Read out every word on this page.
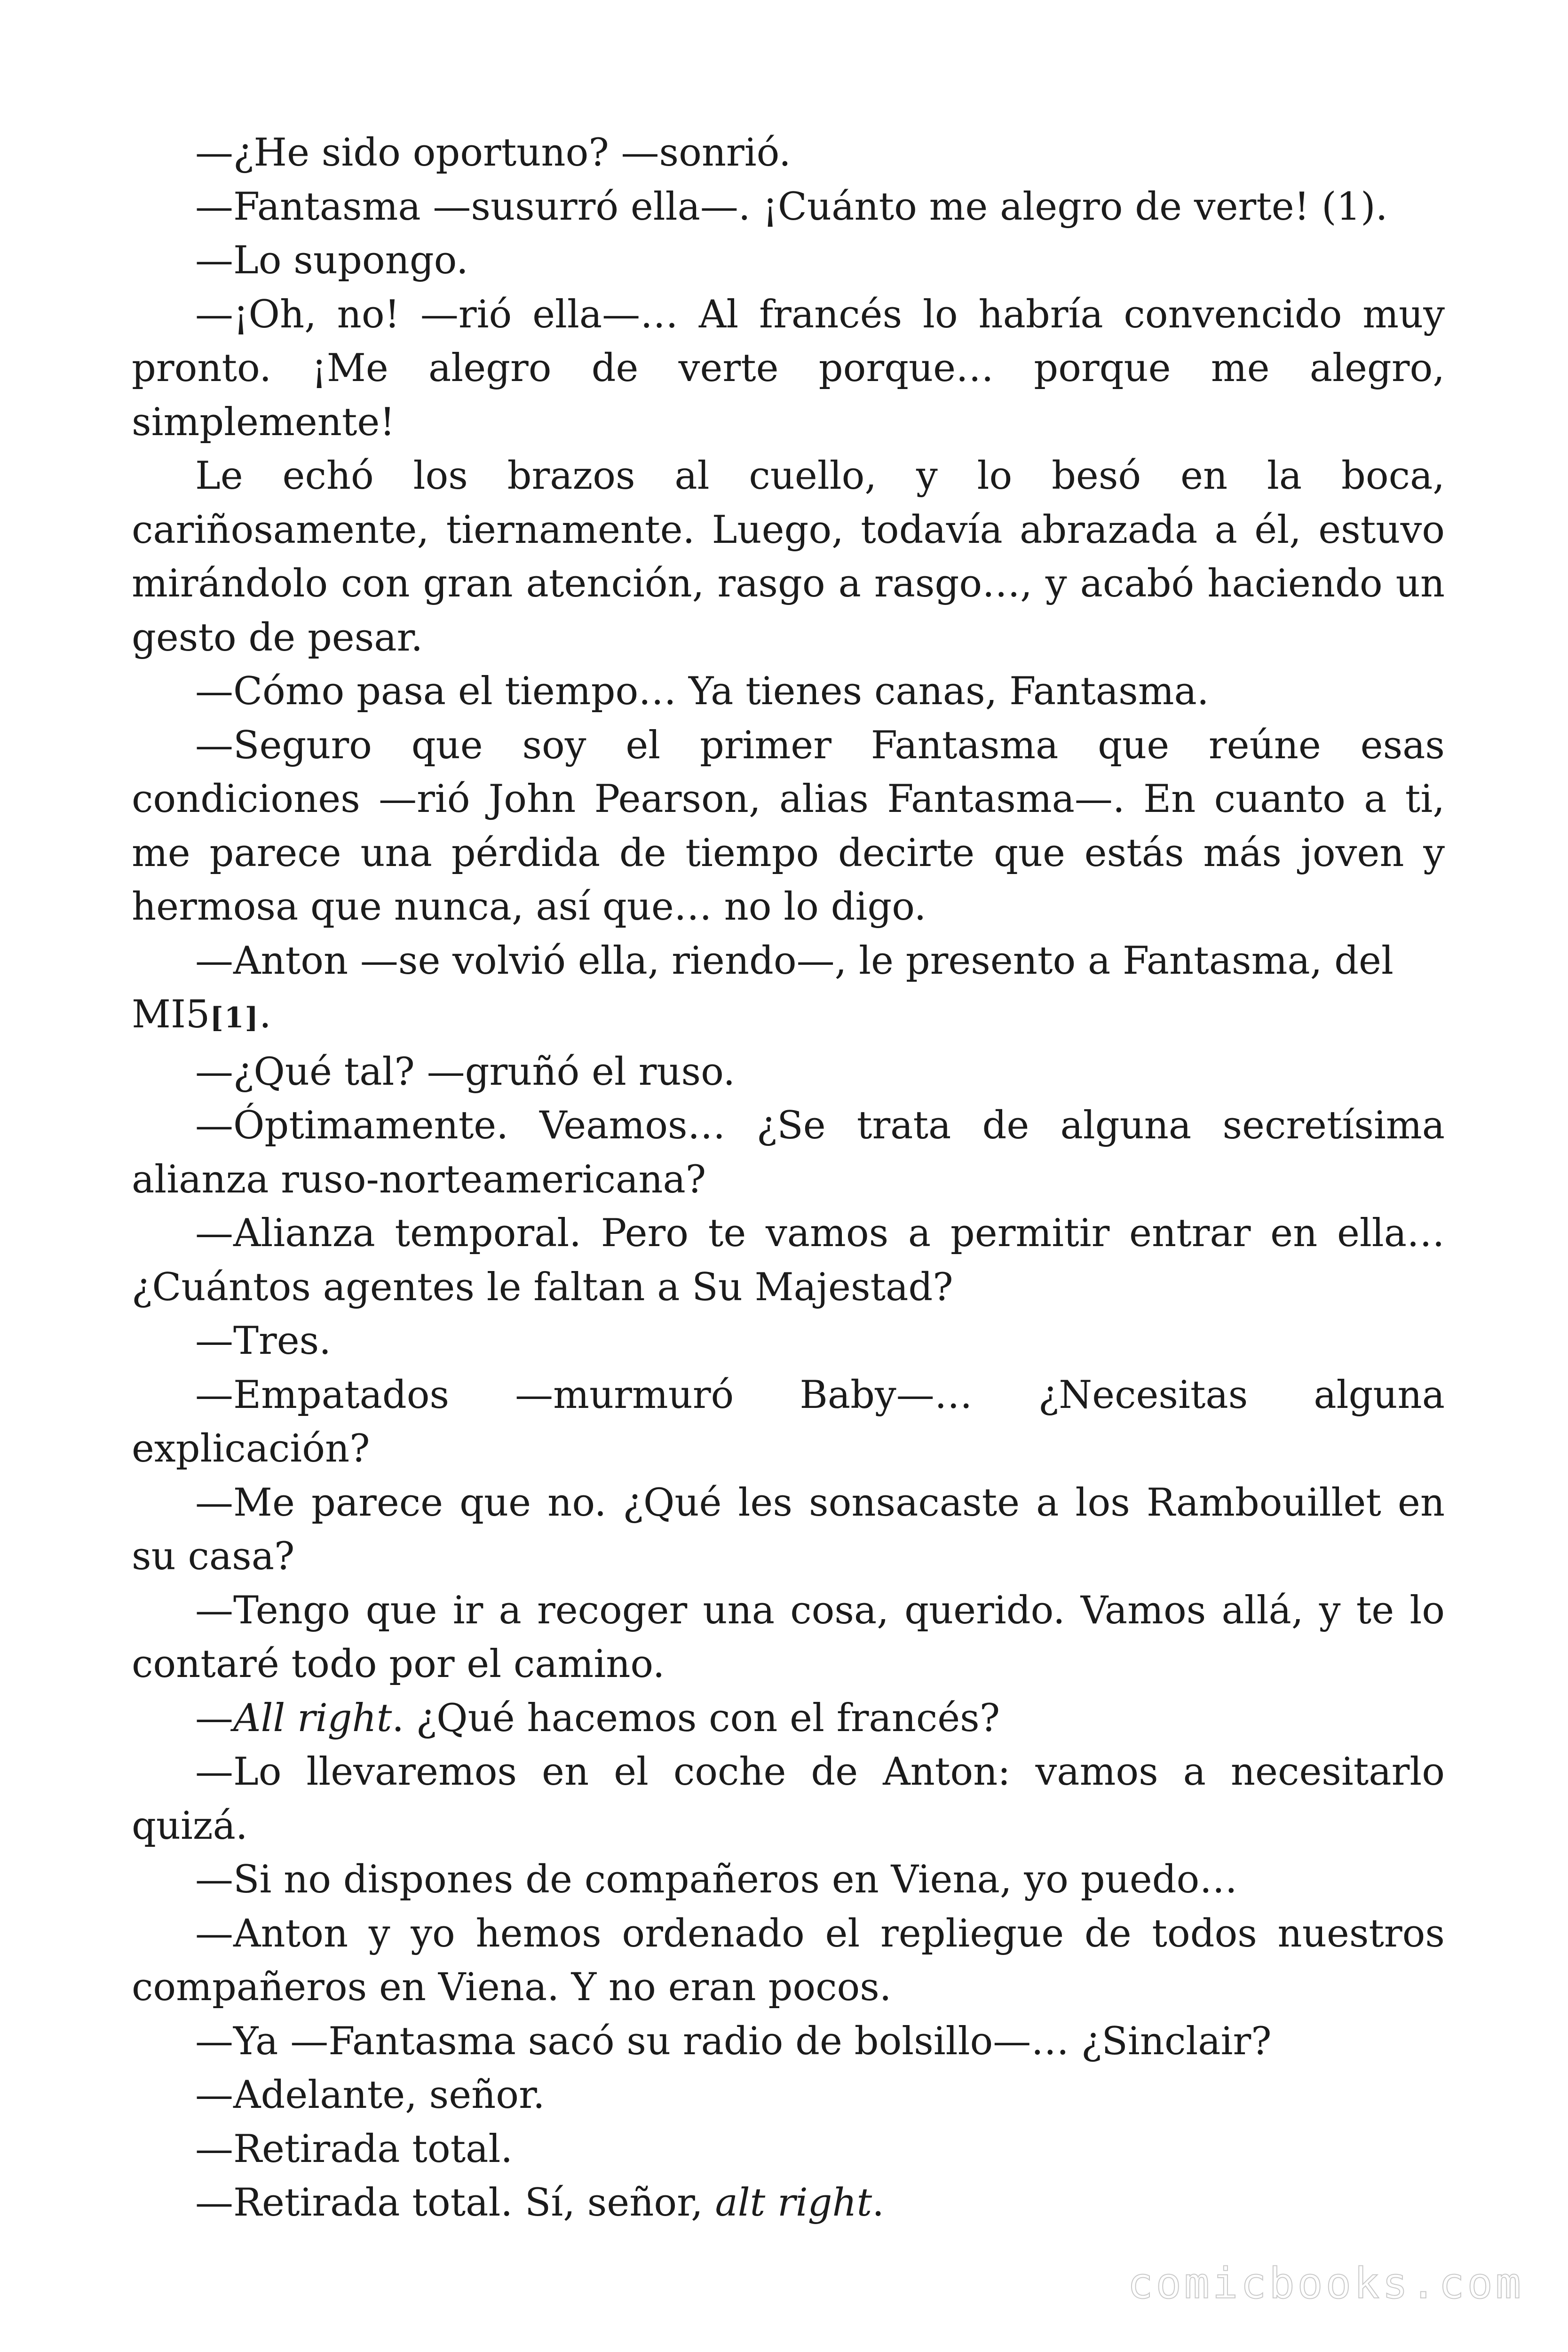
—¿He sido oportuno? —sonrió.

—Fantasma —susurró ella—. ¡Cuánto me alegro de verte! (1).

—Lo supongo.

—¡Oh, no! —rió ella—… Al francés lo habría convencido muy pronto. ¡Me alegro de verte porque… porque me alegro, simplemente!

Le echó los brazos al cuello, y lo besó en la boca, cariñosamente, tiernamente. Luego, todavía abrazada a él, estuvo mirándolo con gran atención, rasgo a rasgo…, y acabó haciendo un gesto de pesar.

—Cómo pasa el tiempo… Ya tienes canas, Fantasma.

—Seguro que soy el primer Fantasma que reúne esas condiciones —rió John Pearson, alias Fantasma—. En cuanto a ti, me parece una pérdida de tiempo decirte que estás más joven y hermosa que nunca, así que… no lo digo.

—Anton —se volvió ella, riendo—, le presento a Fantasma, del MI5[1].

—¿Qué tal? —gruñó el ruso.

—Óptimamente. Veamos… ¿Se trata de alguna secretísima alianza ruso-norteamericana?

—Alianza temporal. Pero te vamos a permitir entrar en ella… ¿Cuántos agentes le faltan a Su Majestad?

—Tres.

—Empatados —murmuró Baby—… ¿Necesitas alguna explicación?

—Me parece que no. ¿Qué les sonsacaste a los Rambouillet en su casa?

—Tengo que ir a recoger una cosa, querido. Vamos allá, y te lo contaré todo por el camino.

—All right. ¿Qué hacemos con el francés?

—Lo llevaremos en el coche de Anton: vamos a necesitarlo quizá.

—Si no dispones de compañeros en Viena, yo puedo…

—Anton y yo hemos ordenado el repliegue de todos nuestros compañeros en Viena. Y no eran pocos.

—Ya —Fantasma sacó su radio de bolsillo—… ¿Sinclair?

—Adelante, señor.

—Retirada total.

—Retirada total. Sí, señor, alt right.

comicbooks.com
